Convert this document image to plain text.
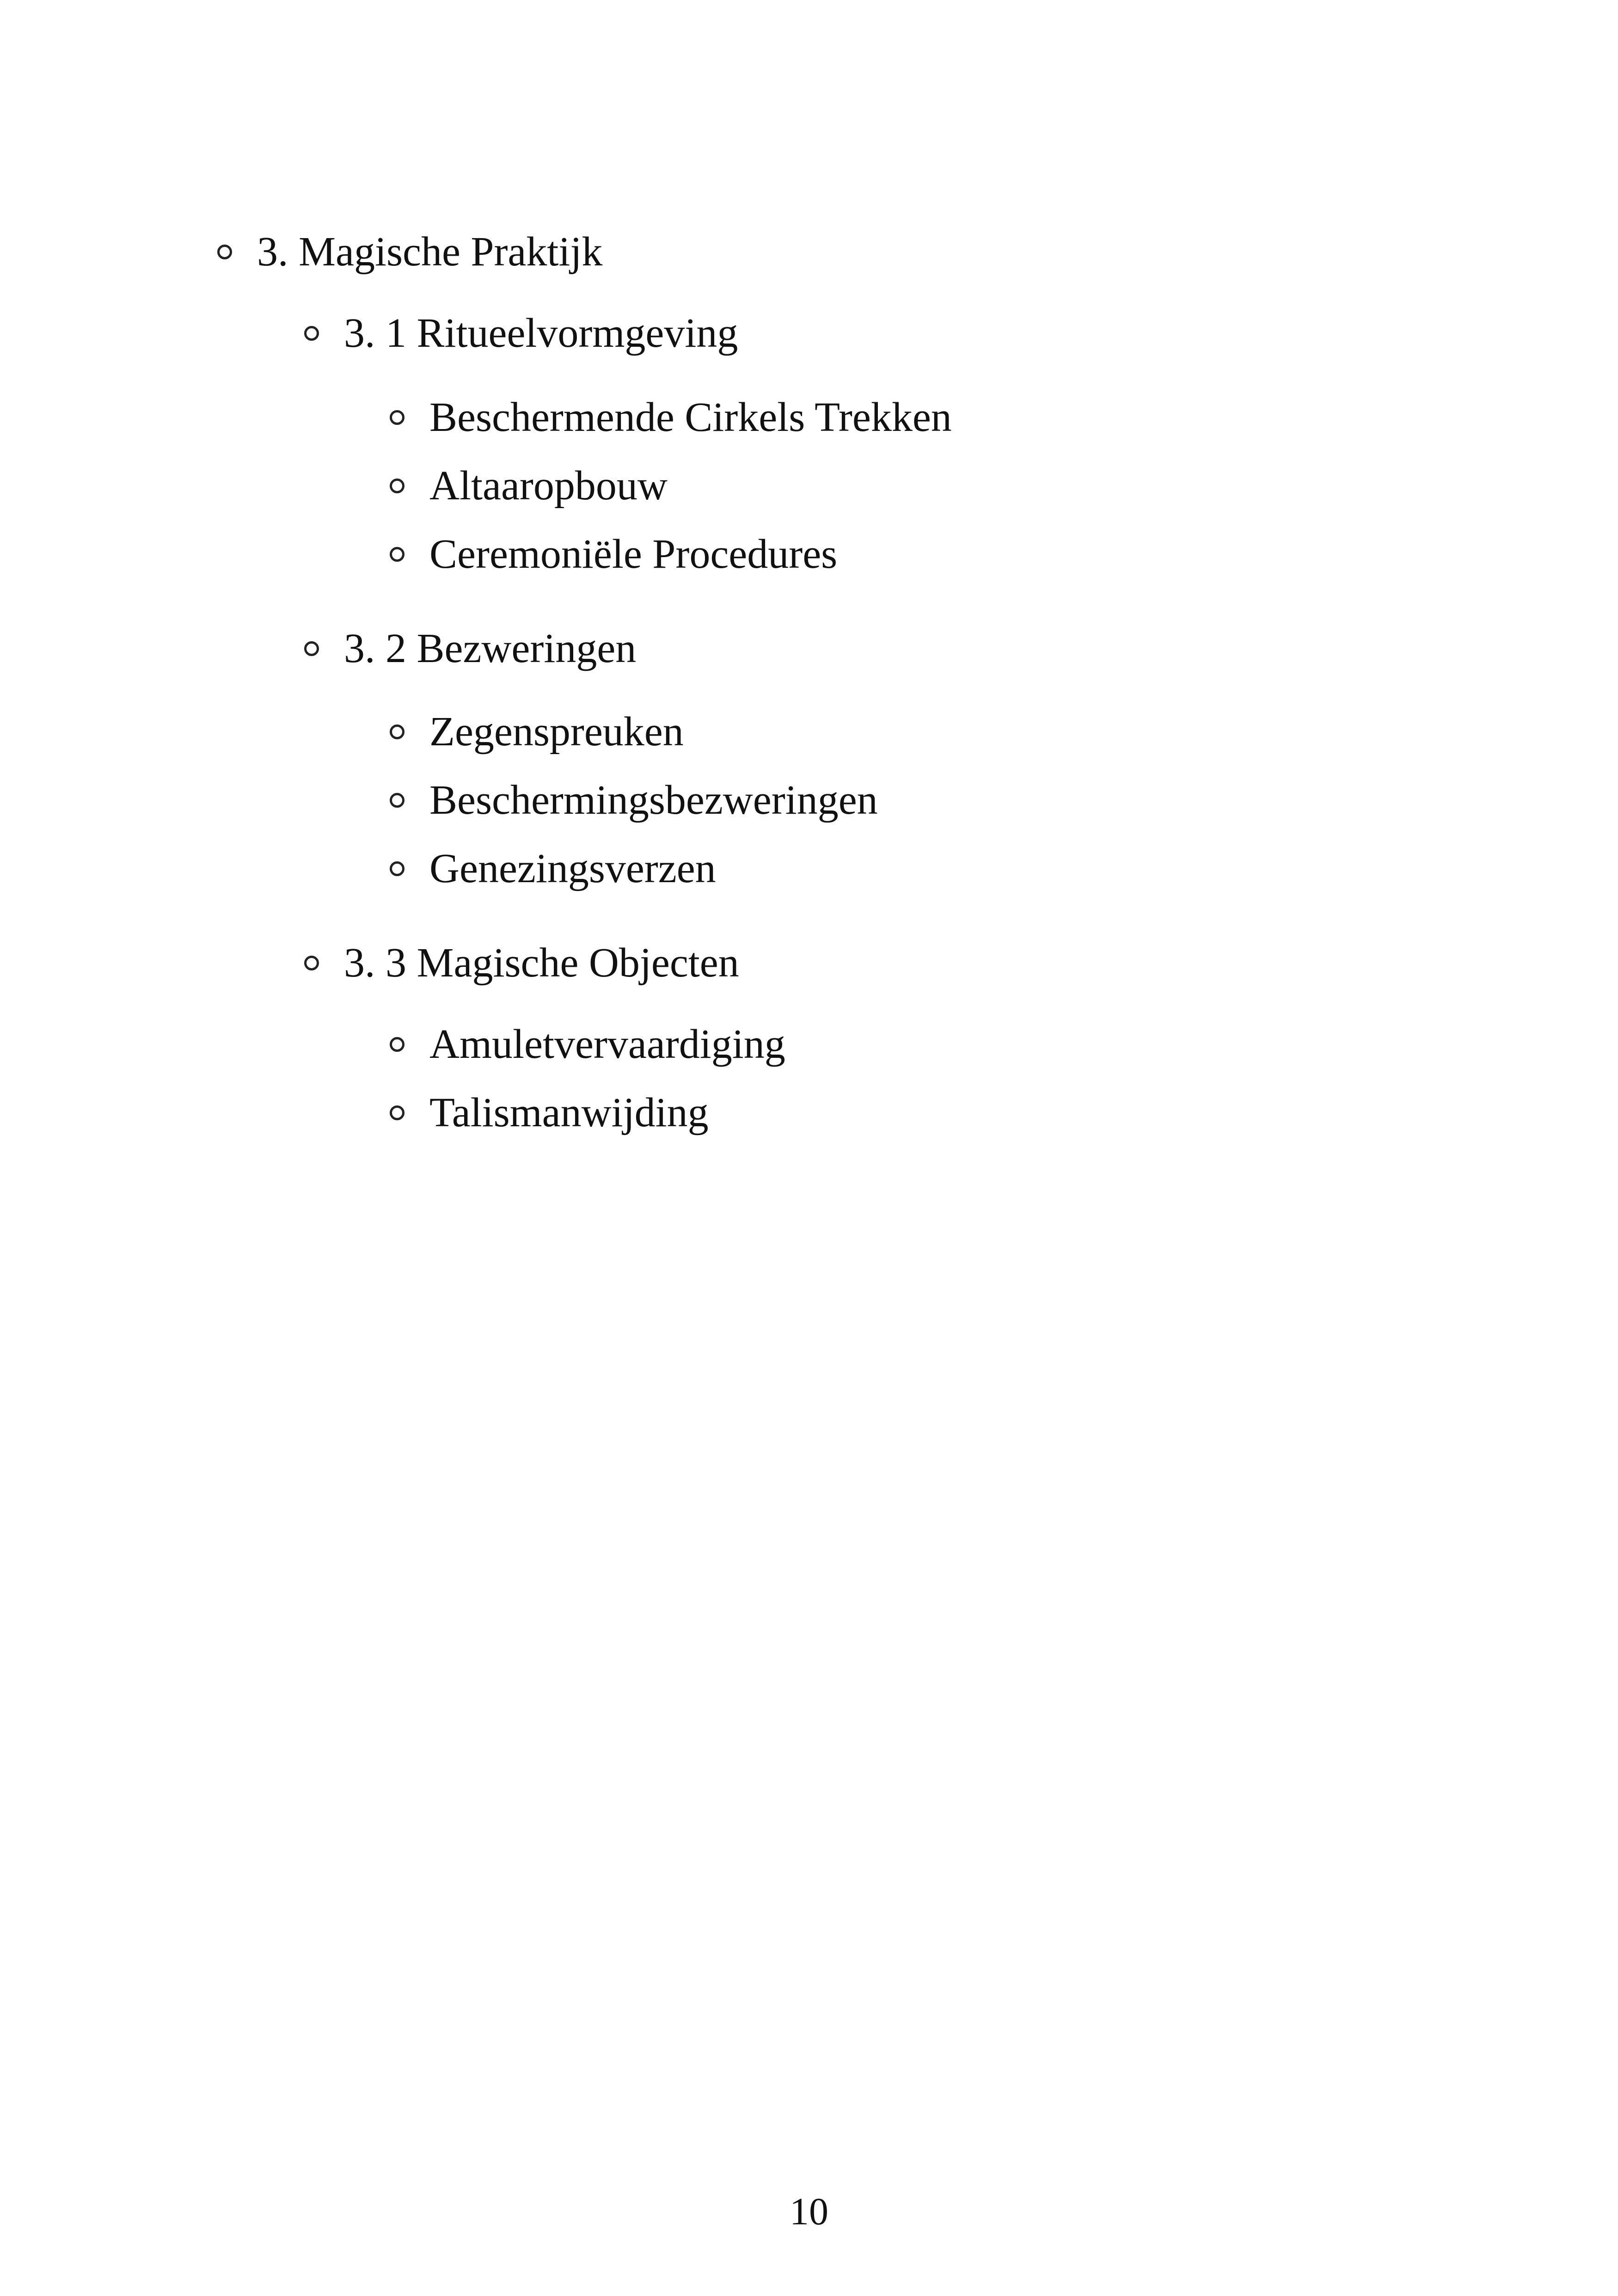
3. Magische Praktijk
3. 1 Ritueelvormgeving
Beschermende Cirkels Trekken
Altaaropbouw
Ceremoniële Procedures
3. 2 Bezweringen
Zegenspreuken
Beschermingsbezweringen
Genezingsverzen
3. 3 Magische Objecten
Amuletvervaardiging
Talismanwijding
10
